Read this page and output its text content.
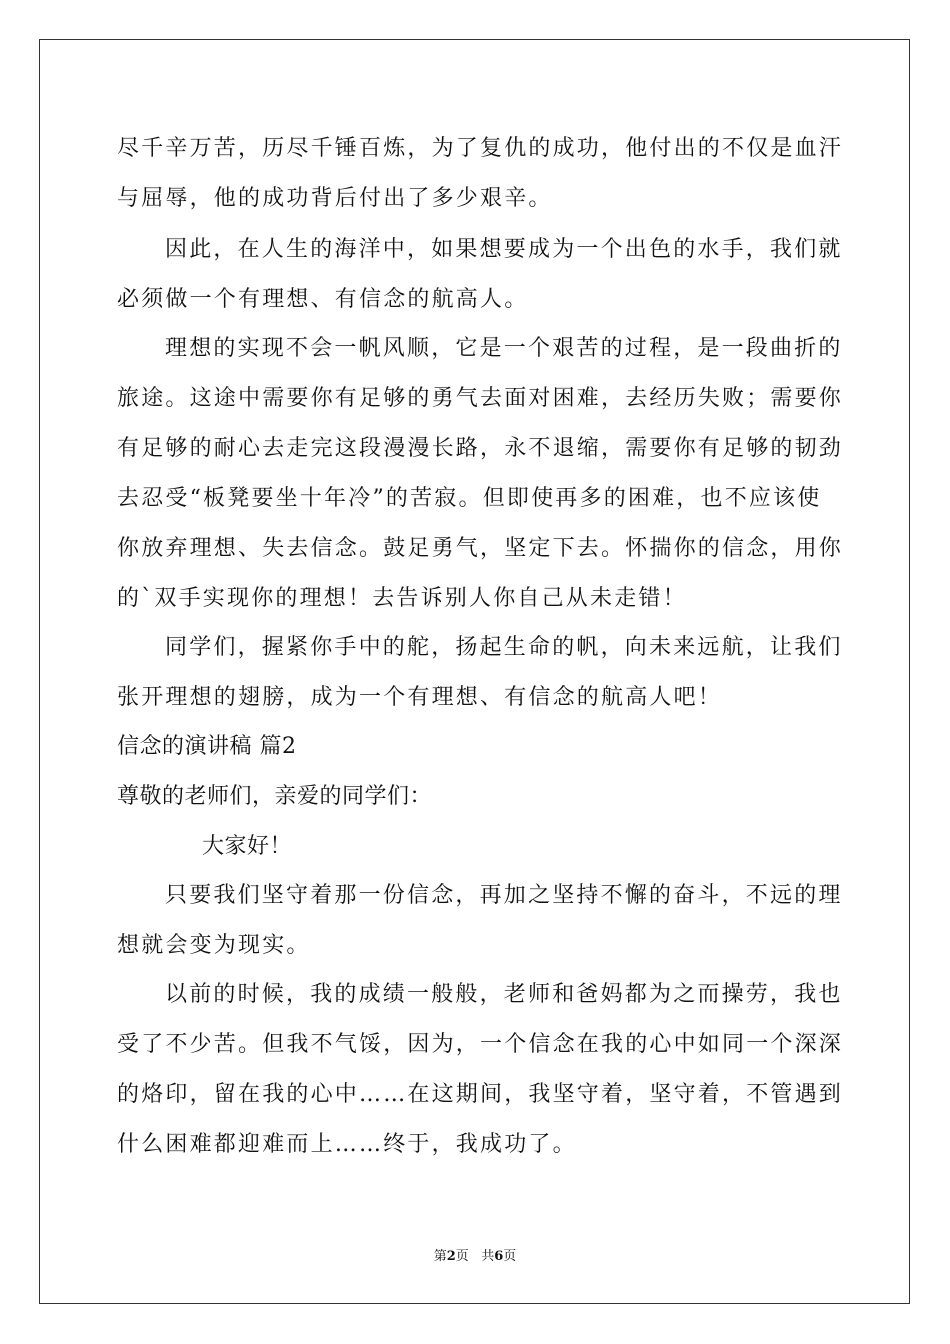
尽千辛万苦，历尽千锤百炼，为了复仇的成功，他付出的不仅是血汗
与屈辱，他的成功背后付出了多少艰辛。
因此，在人生的海洋中，如果想要成为一个出色的水手，我们就
必须做一个有理想、有信念的航高人。
理想的实现不会一帆风顺，它是一个艰苦的过程，是一段曲折的
旅途。这途中需要你有足够的勇气去面对困难，去经历失败；需要你
有足够的耐心去走完这段漫漫长路，永不退缩，需要你有足够的韧劲
去忍受“板凳要坐十年冷”的苦寂。但即使再多的困难，也不应该使
你放弃理想、失去信念。鼓足勇气，坚定下去。怀揣你的信念，用你
的`双手实现你的理想！去告诉别人你自己从未走错！
同学们，握紧你手中的舵，扬起生命的帆，向未来远航，让我们
张开理想的翅膀，成为一个有理想、有信念的航高人吧！
信念的演讲稿 篇2
尊敬的老师们，亲爱的同学们：
大家好！
只要我们坚守着那一份信念，再加之坚持不懈的奋斗，不远的理
想就会变为现实。
以前的时候，我的成绩一般般，老师和爸妈都为之而操劳，我也
受了不少苦。但我不气馁，因为，一个信念在我的心中如同一个深深
的烙印，留在我的心中……在这期间，我坚守着，坚守着，不管遇到
什么困难都迎难而上……终于，我成功了。
第2页 共6页
